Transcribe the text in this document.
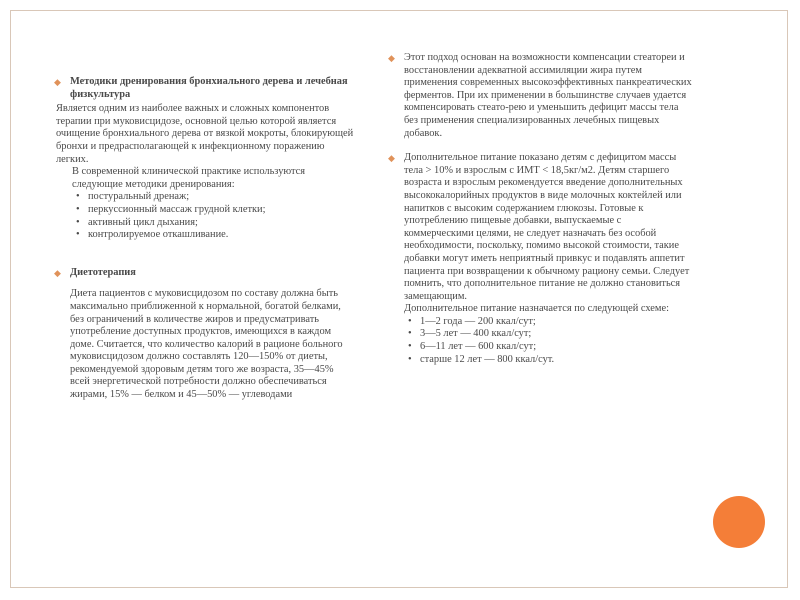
◆ Методики дренирования бронхиального дерева и лечебная физкультура

Является одним из наиболее важных и сложных компонентов терапии при муковисцидозе, основной целью которой является очищение бронхиального дерева от вязкой мокроты, блокирующей бронхи и предрасполагающей к инфекционному поражению легких.

В современной клинической практике используются следующие методики дренирования:

• постуральный дренаж;
• перкуссионный массаж грудной клетки;
• активный цикл дыхания;
• контролируемое откашливание.
◆ Диетотерапия

Диета пациентов с муковисцидозом по составу должна быть максимально приближенной к нормальной, богатой белками, без ограничений в количестве жиров и предусматривать употребление доступных продуктов, имеющихся в каждом доме. Считается, что количество калорий в рационе больного муковисцидозом должно составлять 120—150% от диеты, рекомендуемой здоровым детям того же возраста, 35—45% всей энергетической потребности должно обеспечиваться жирами, 15% — белком и 45—50% — углеводами

◆ Этот подход основан на возможности компенсации стеатореи и восстановлении адекватной ассимиляции жира путем применения современных высокоэффективных панкреатических ферментов. При их применении в большинстве случаев удается компенсировать стеато-рею и уменьшить дефицит массы тела без применения специализированных лечебных пищевых добавок.

◆ Дополнительное питание показано детям с дефицитом массы тела > 10% и взрослым с ИМТ < 18,5кг/м2. Детям старшего возраста и взрослым рекомендуется введение дополнительных высококалорийных продуктов в виде молочных коктейлей или напитков с высоким содержанием глюкозы. Готовые к употреблению пищевые добавки, выпускаемые с коммерческими целями, не следует назначать без особой необходимости, поскольку, помимо высокой стоимости, такие добавки могут иметь неприятный привкус и подавлять аппетит пациента при возвращении к обычному рациону семьи. Следует помнить, что дополнительное питание не должно становиться замещающим.

Дополнительное питание назначается по следующей схеме:

• 1—2 года — 200 ккал/сут;
• 3—5 лет — 400 ккал/сут;
• 6—11 лет — 600 ккал/сут;
• старше 12 лет — 800 ккал/сут.
